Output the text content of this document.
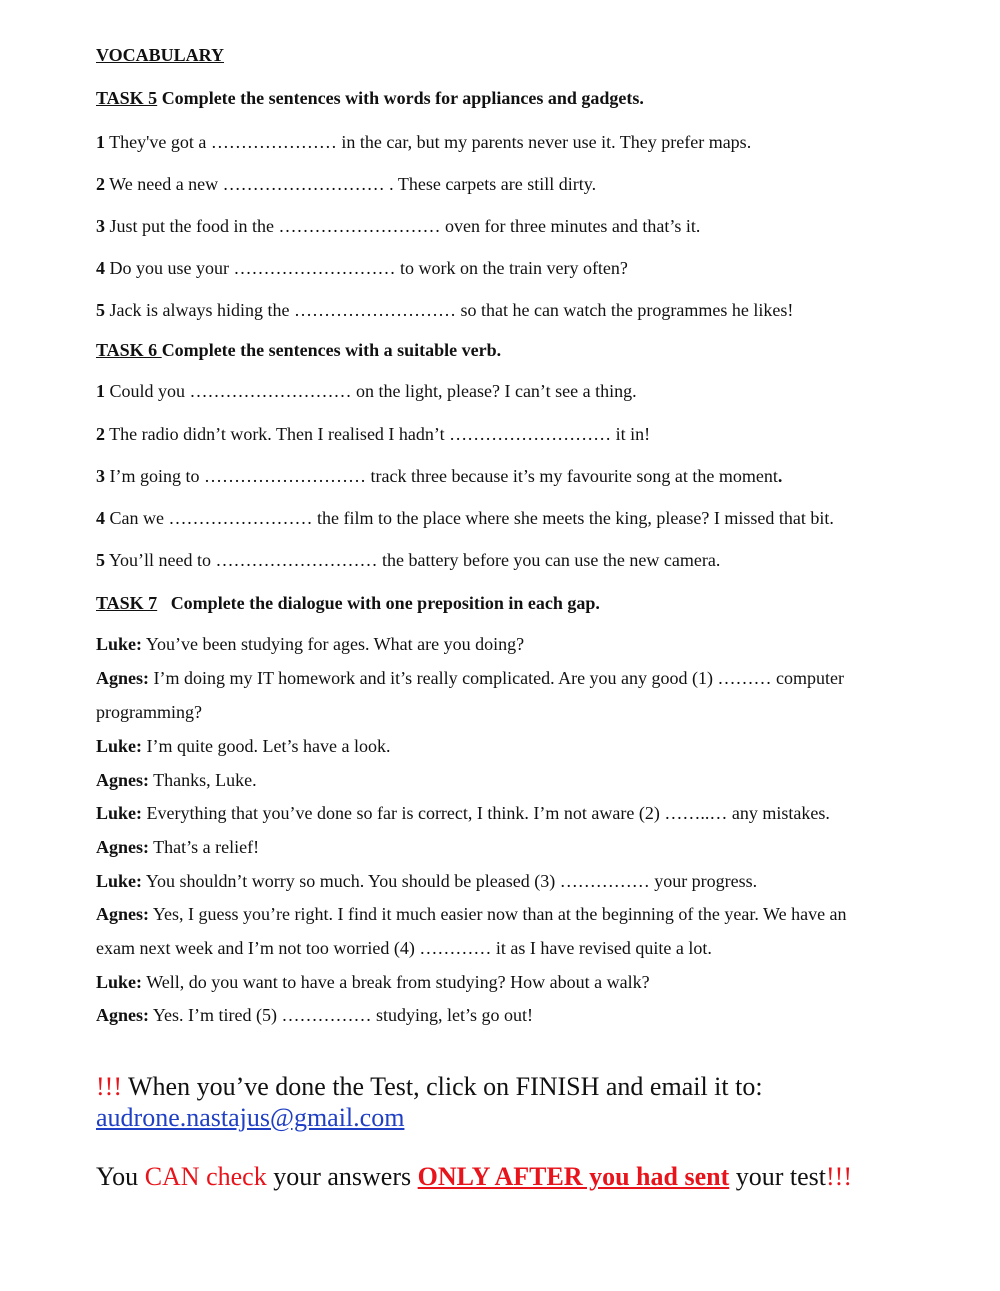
VOCABULARY
TASK 5 Complete the sentences with words for appliances and gadgets.
1 They've got a ………………… in the car, but my parents never use it. They prefer maps.
2 We need a new ……………………… . These carpets are still dirty.
3 Just put the food in the ……………………… oven for three minutes and that’s it.
4 Do you use your ……………………… to work on the train very often?
5 Jack is always hiding the ……………………… so that he can watch the programmes he likes!
TASK 6 Complete the sentences with a suitable verb.
1 Could you ……………………… on the light, please? I can’t see a thing.
2 The radio didn’t work. Then I realised I hadn’t ……………………… it in!
3 I’m going to ……………………… track three because it’s my favourite song at the moment.
4 Can we …………………… the film to the place where she meets the king, please? I missed that bit.
5 You’ll need to ……………………… the battery before you can use the new camera.
TASK 7   Complete the dialogue with one preposition in each gap.
Luke: You’ve been studying for ages. What are you doing?
Agnes: I’m doing my IT homework and it’s really complicated. Are you any good (1) ……… computer
programming?
Luke: I’m quite good. Let’s have a look.
Agnes: Thanks, Luke.
Luke: Everything that you’ve done so far is correct, I think. I’m not aware (2) ……..… any mistakes.
Agnes: That’s a relief!
Luke: You shouldn’t worry so much. You should be pleased (3) …………… your progress.
Agnes: Yes, I guess you’re right. I find it much easier now than at the beginning of the year. We have an
exam next week and I’m not too worried (4) ………… it as I have revised quite a lot.
Luke: Well, do you want to have a break from studying? How about a walk?
Agnes: Yes. I’m tired (5) …………… studying, let’s go out!
!!! When you’ve done the Test, click on FINISH and email it to:
audrone.nastajus@gmail.com
You CAN check your answers ONLY AFTER you had sent your test!!!
